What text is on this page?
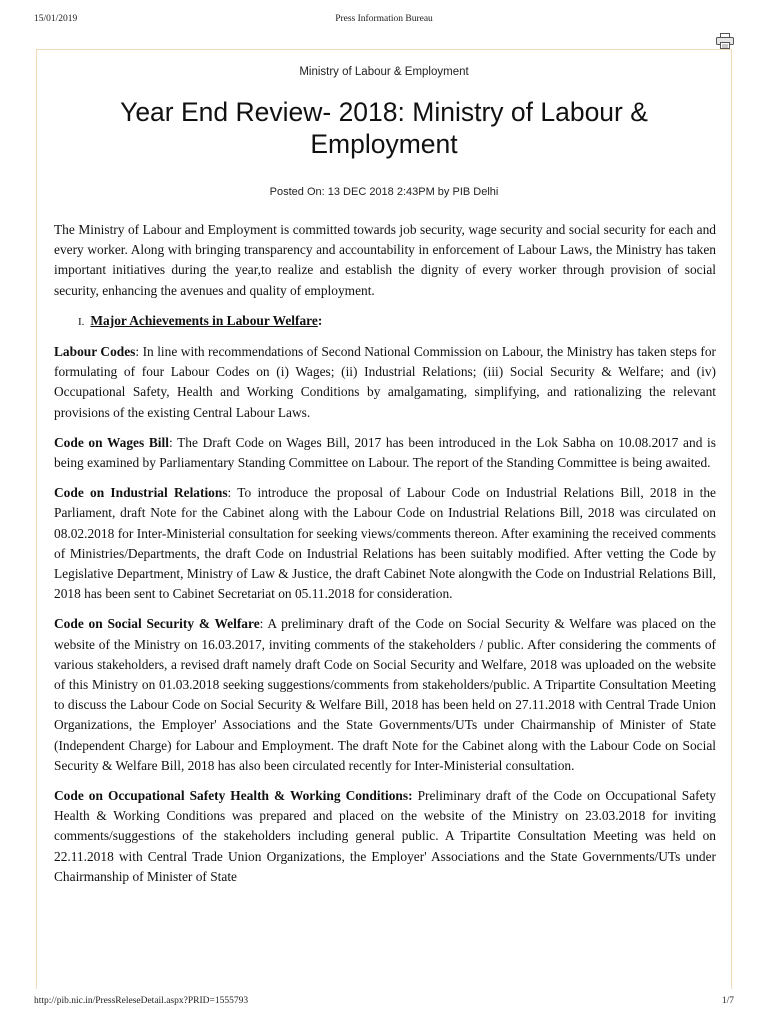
15/01/2019	Press Information Bureau
Ministry of Labour & Employment
Year End Review- 2018: Ministry of Labour & Employment
Posted On: 13 DEC 2018 2:43PM by PIB Delhi

The Ministry of Labour and Employment is committed towards job security, wage security and social security for each and every worker. Along with bringing transparency and accountability in enforcement of Labour Laws, the Ministry has taken important initiatives during the year,to realize and establish the dignity of every worker through provision of social security, enhancing the avenues and quality of employment.

I. Major Achievements in Labour Welfare:

Labour Codes: In line with recommendations of Second National Commission on Labour, the Ministry has taken steps for formulating of four Labour Codes on (i) Wages; (ii) Industrial Relations; (iii) Social Security & Welfare; and (iv) Occupational Safety, Health and Working Conditions by amalgamating, simplifying, and rationalizing the relevant provisions of the existing Central Labour Laws.

Code on Wages Bill: The Draft Code on Wages Bill, 2017 has been introduced in the Lok Sabha on 10.08.2017 and is being examined by Parliamentary Standing Committee on Labour. The report of the Standing Committee is being awaited.

Code on Industrial Relations: To introduce the proposal of Labour Code on Industrial Relations Bill, 2018 in the Parliament, draft Note for the Cabinet along with the Labour Code on Industrial Relations Bill, 2018 was circulated on 08.02.2018 for Inter-Ministerial consultation for seeking views/comments thereon. After examining the received comments of Ministries/Departments, the draft Code on Industrial Relations has been suitably modified. After vetting the Code by Legislative Department, Ministry of Law & Justice, the draft Cabinet Note alongwith the Code on Industrial Relations Bill, 2018 has been sent to Cabinet Secretariat on 05.11.2018 for consideration.

Code on Social Security & Welfare: A preliminary draft of the Code on Social Security & Welfare was placed on the website of the Ministry on 16.03.2017, inviting comments of the stakeholders / public. After considering the comments of various stakeholders, a revised draft namely draft Code on Social Security and Welfare, 2018 was uploaded on the website of this Ministry on 01.03.2018 seeking suggestions/comments from stakeholders/public. A Tripartite Consultation Meeting to discuss the Labour Code on Social Security & Welfare Bill, 2018 has been held on 27.11.2018 with Central Trade Union Organizations, the Employer' Associations and the State Governments/UTs under Chairmanship of Minister of State (Independent Charge) for Labour and Employment. The draft Note for the Cabinet along with the Labour Code on Social Security & Welfare Bill, 2018 has also been circulated recently for Inter-Ministerial consultation.

Code on Occupational Safety Health & Working Conditions: Preliminary draft of the Code on Occupational Safety Health & Working Conditions was prepared and placed on the website of the Ministry on 23.03.2018 for inviting comments/suggestions of the stakeholders including general public. A Tripartite Consultation Meeting was held on 22.11.2018 with Central Trade Union Organizations, the Employer' Associations and the State Governments/UTs under Chairmanship of Minister of State

http://pib.nic.in/PressReleseDetail.aspx?PRID=1555793	1/7
